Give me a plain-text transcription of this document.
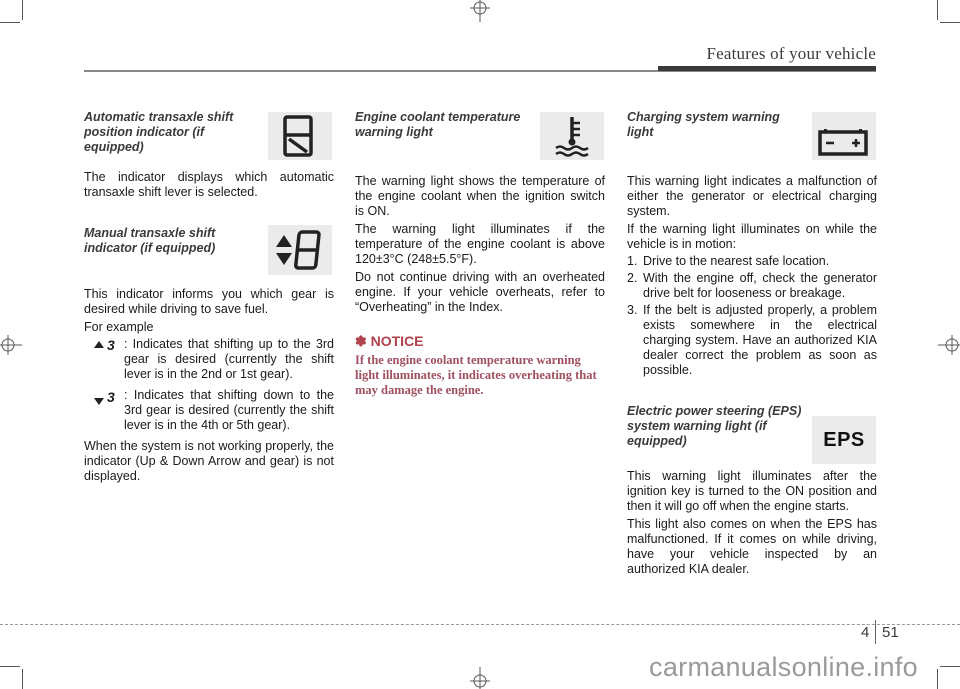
Features of your vehicle

Automatic transaxle shift position indicator (if equipped)

The indicator displays which automatic transaxle shift lever is selected.

Manual transaxle shift indicator (if equipped)

This indicator informs you which gear is desired while driving to save fuel.

For example

3 : Indicates that shifting up to the 3rd gear is desired (currently the shift lever is in the 2nd or 1st gear).
3 : Indicates that shifting down to the 3rd gear is desired (currently the shift lever is in the 4th or 5th gear).

When the system is not working properly, the indicator (Up & Down Arrow and gear) is not displayed.

Engine coolant temperature warning light

The warning light shows the temperature of the engine coolant when the ignition switch is ON.

The warning light illuminates if the temperature of the engine coolant is above 120±3°C (248±5.5°F).

Do not continue driving with an overheated engine. If your vehicle overheats, refer to “Overheating” in the Index.

✽ NOTICE

If the engine coolant temperature warning light illuminates, it indicates overheating that may damage the engine.

Charging system warning light

This warning light indicates a malfunction of either the generator or electrical charging system.

If the warning light illuminates on while the vehicle is in motion:

1. Drive to the nearest safe location.
2. With the engine off, check the generator drive belt for looseness or breakage.
3. If the belt is adjusted properly, a problem exists somewhere in the electrical charging system. Have an authorized KIA dealer correct the problem as soon as possible.

Electric power steering (EPS) system warning light (if equipped)

This warning light illuminates after the ignition key is turned to the ON position and then it will go off when the engine starts.

This light also comes on when the EPS has malfunctioned. If it comes on while driving, have your vehicle inspected by an authorized KIA dealer.

EPS
4 51
carmanualsonline.info
